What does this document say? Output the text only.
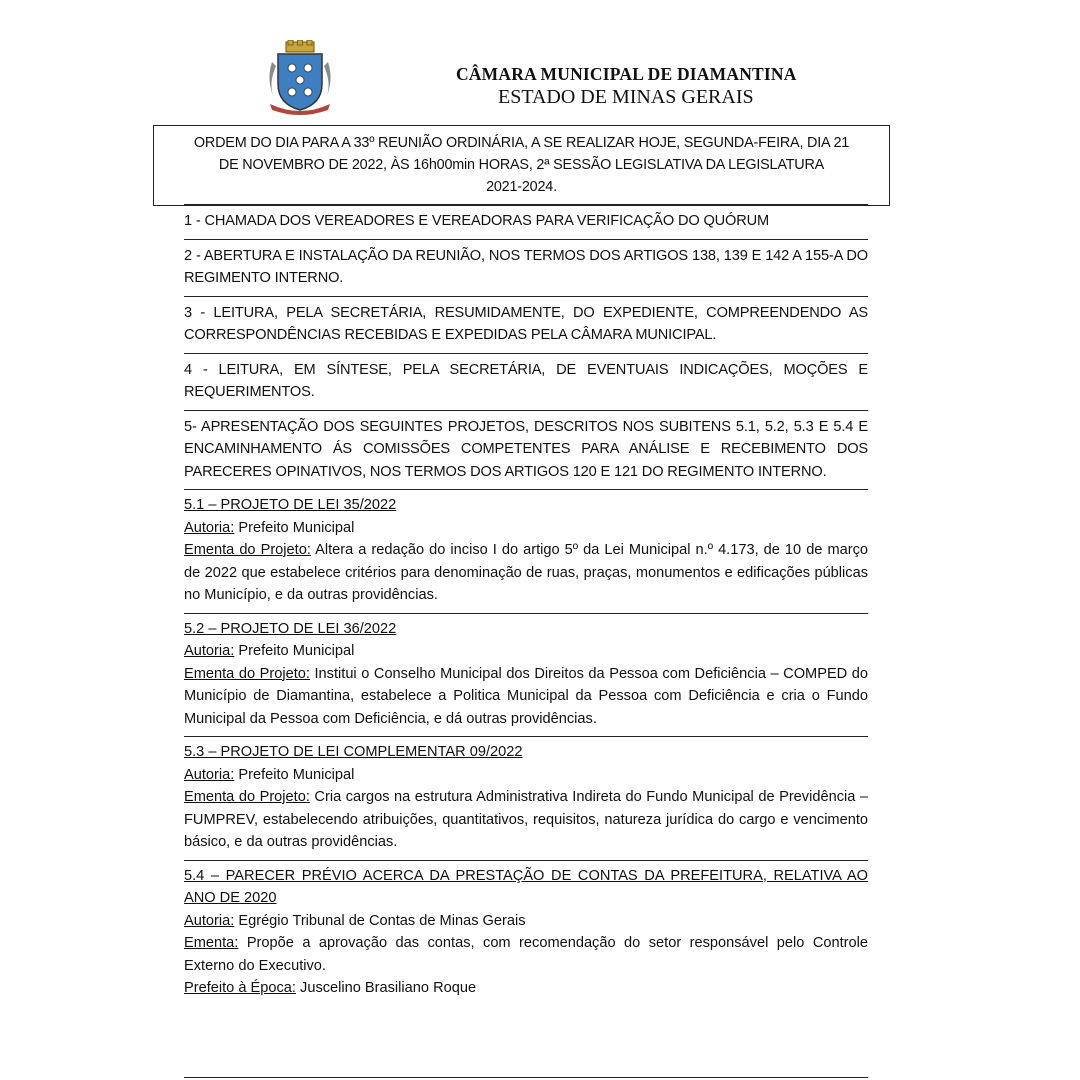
CÂMARA MUNICIPAL DE DIAMANTINA
ESTADO DE MINAS GERAIS
ORDEM DO DIA PARA A 33º REUNIÃO ORDINÁRIA, A SE REALIZAR HOJE, SEGUNDA-FEIRA, DIA 21
DE NOVEMBRO DE 2022, ÀS 16h00min HORAS, 2ª SESSÃO LEGISLATIVA DA LEGISLATURA
2021-2024.

1 - CHAMADA DOS VEREADORES E VEREADORAS PARA VERIFICAÇÃO DO QUÓRUM

2 - ABERTURA E INSTALAÇÃO DA REUNIÃO, NOS TERMOS DOS ARTIGOS 138, 139 E 142 A 155-A DO REGIMENTO INTERNO.

3 - LEITURA, PELA SECRETÁRIA, RESUMIDAMENTE, DO EXPEDIENTE, COMPREENDENDO AS CORRESPONDÊNCIAS RECEBIDAS E EXPEDIDAS PELA CÂMARA MUNICIPAL.

4 - LEITURA, EM SÍNTESE, PELA SECRETÁRIA, DE EVENTUAIS INDICAÇÕES, MOÇÕES E REQUERIMENTOS.

5- APRESENTAÇÃO DOS SEGUINTES PROJETOS, DESCRITOS NOS SUBITENS 5.1, 5.2, 5.3 E 5.4 E ENCAMINHAMENTO ÁS COMISSÕES COMPETENTES PARA ANÁLISE E RECEBIMENTO DOS PARECERES OPINATIVOS, NOS TERMOS DOS ARTIGOS 120 E 121 DO REGIMENTO INTERNO.

5.1 – PROJETO DE LEI 35/2022
Autoria: Prefeito Municipal
Ementa do Projeto: Altera a redação do inciso I do artigo 5º da Lei Municipal n.º 4.173, de 10 de março de 2022 que estabelece critérios para denominação de ruas, praças, monumentos e edificações públicas no Município, e da outras providências.
5.2 – PROJETO DE LEI 36/2022
Autoria: Prefeito Municipal
Ementa do Projeto: Institui o Conselho Municipal dos Direitos da Pessoa com Deficiência – COMPED do Município de Diamantina, estabelece a Politica Municipal da Pessoa com Deficiência e cria o Fundo Municipal da Pessoa com Deficiência, e dá outras providências.
5.3 – PROJETO DE LEI COMPLEMENTAR 09/2022
Autoria: Prefeito Municipal
Ementa do Projeto: Cria cargos na estrutura Administrativa Indireta do Fundo Municipal de Previdência – FUMPREV, estabelecendo atribuições, quantitativos, requisitos, natureza jurídica do cargo e vencimento básico, e da outras providências.
5.4 – PARECER PRÉVIO ACERCA DA PRESTAÇÃO DE CONTAS DA PREFEITURA, RELATIVA AO ANO DE 2020
Autoria: Egrégio Tribunal de Contas de Minas Gerais
Ementa: Propõe a aprovação das contas, com recomendação do setor responsável pelo Controle Externo do Executivo.
Prefeito à Época: Juscelino Brasiliano Roque
